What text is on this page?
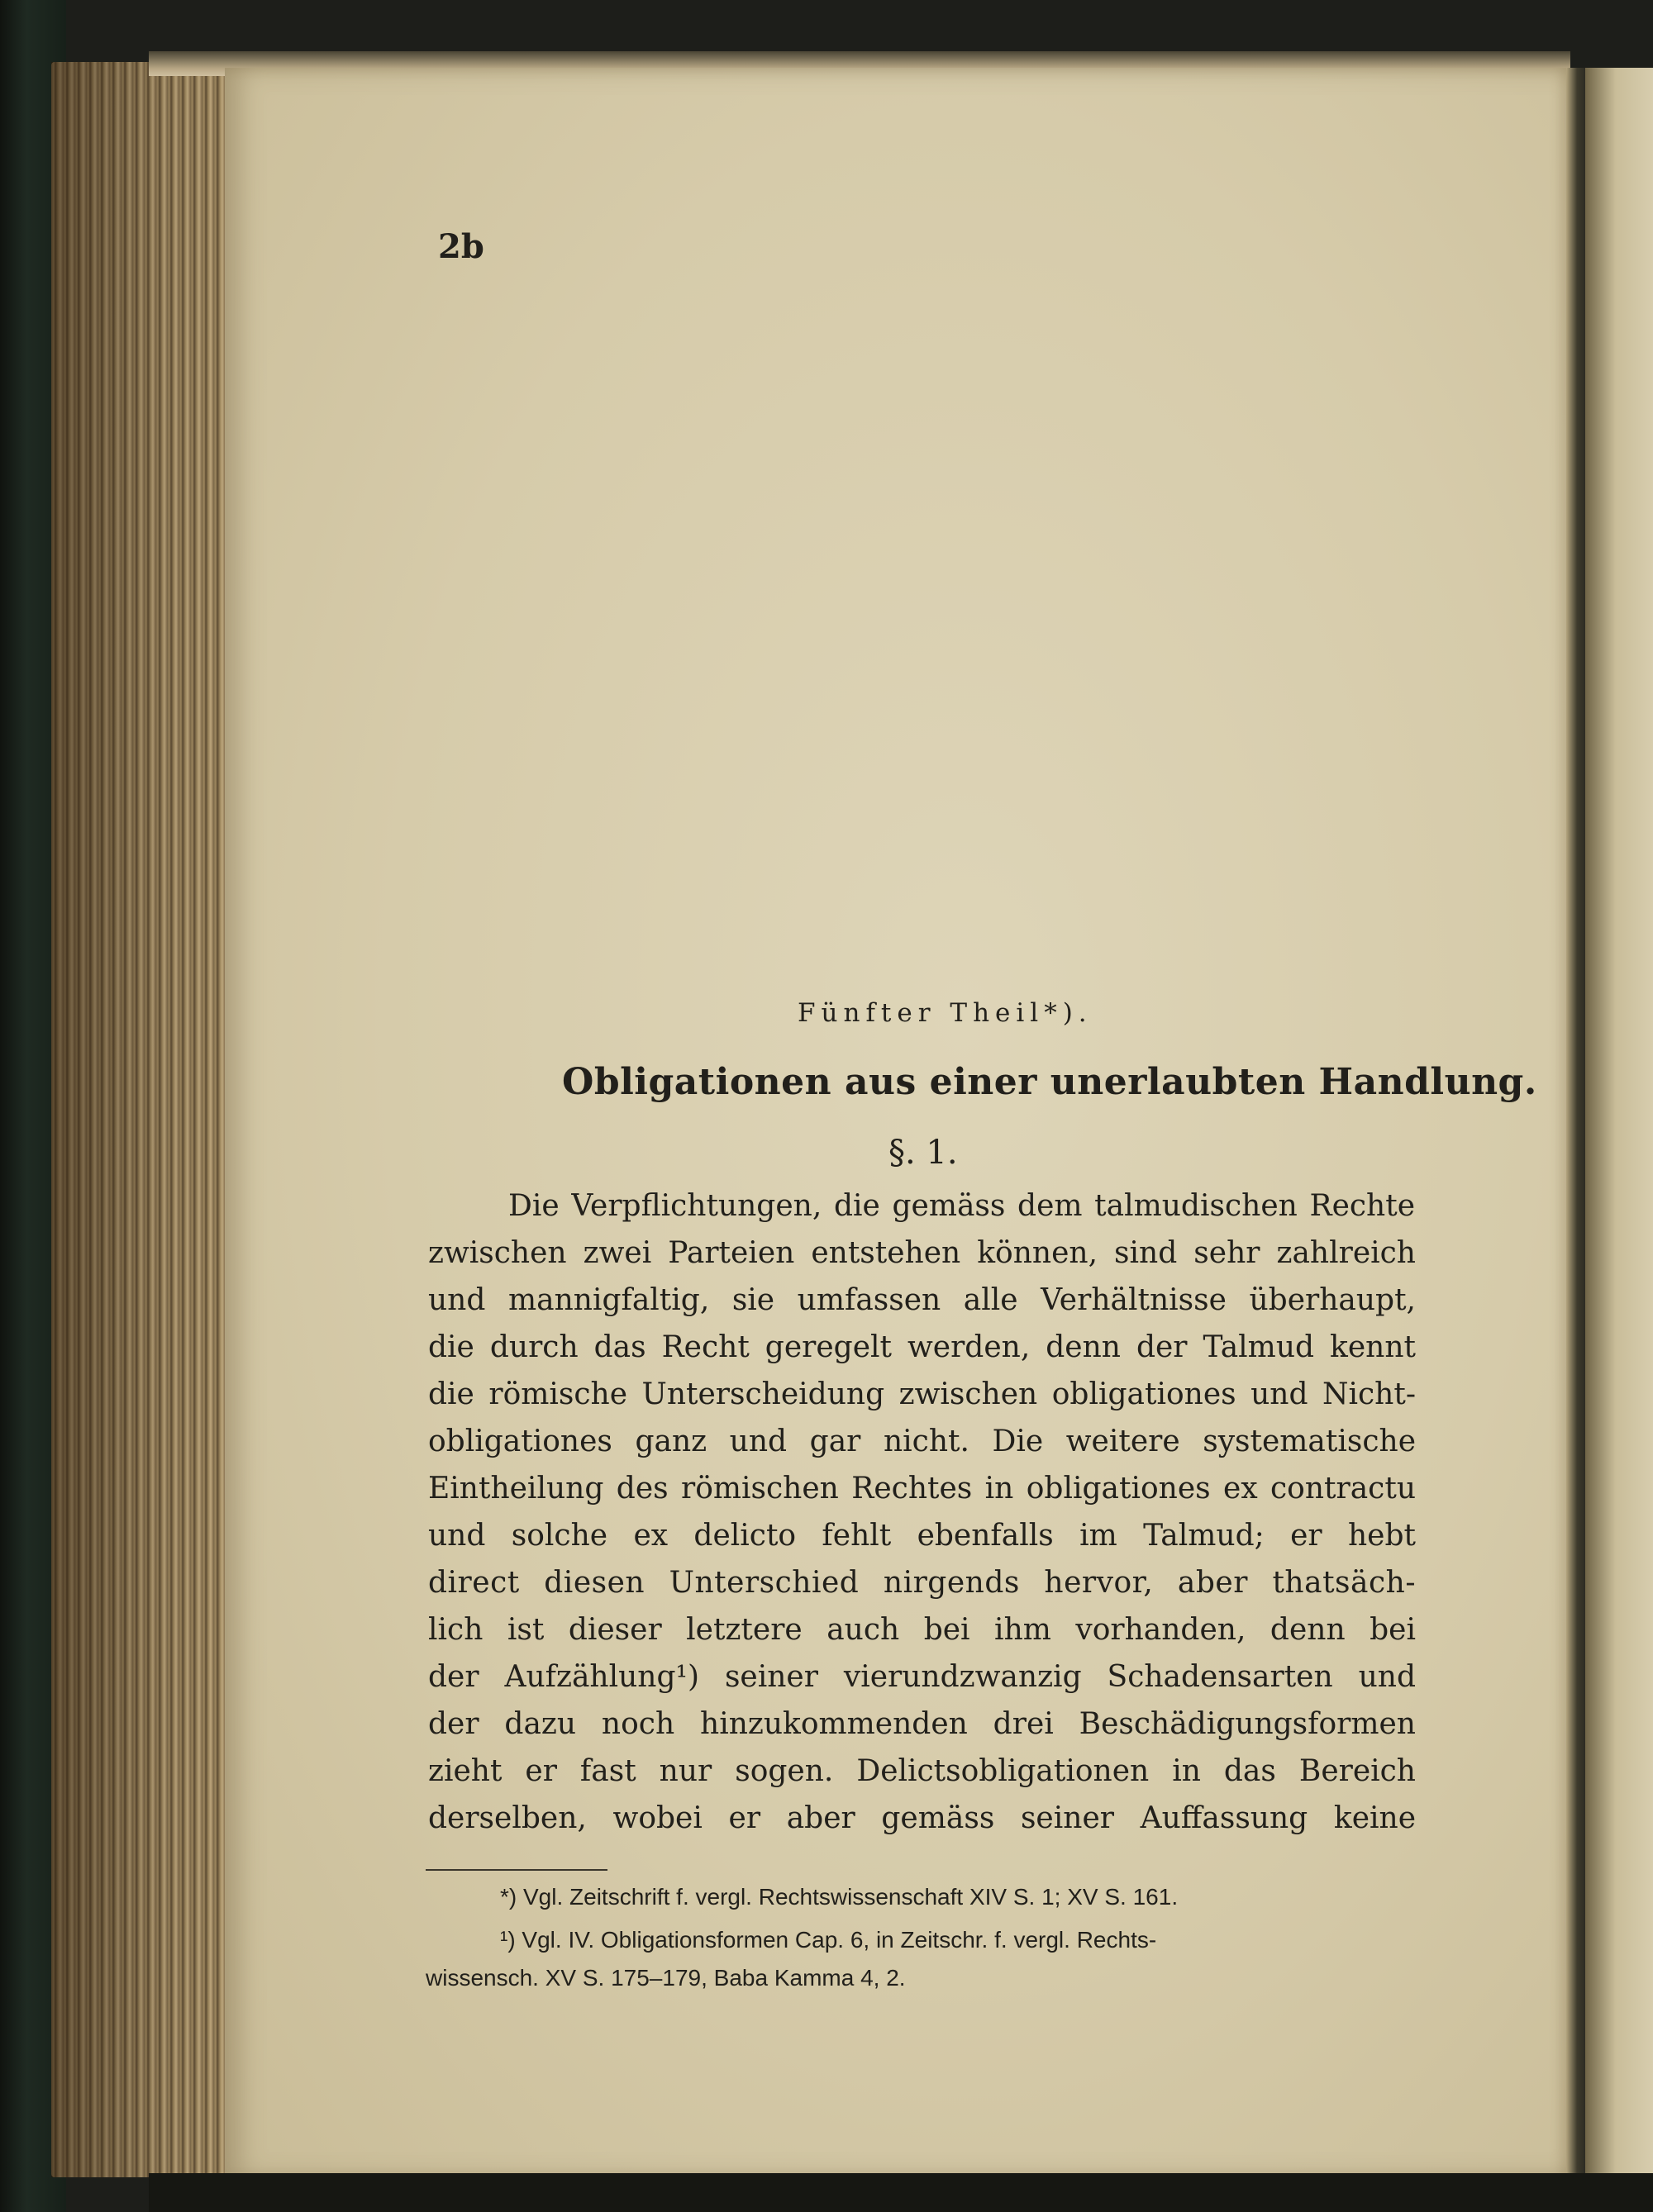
2b
Fünfter Theil*).
Obligationen aus einer unerlaubten Handlung.
§. 1.
Die Verpflichtungen, die gemäss dem talmudischen Rechte
zwischen zwei Parteien entstehen können, sind sehr zahlreich
und mannigfaltig, sie umfassen alle Verhältnisse überhaupt,
die durch das Recht geregelt werden, denn der Talmud kennt
die römische Unterscheidung zwischen obligationes und Nicht-
obligationes ganz und gar nicht. Die weitere systematische
Eintheilung des römischen Rechtes in obligationes ex contractu
und solche ex delicto fehlt ebenfalls im Talmud; er hebt
direct diesen Unterschied nirgends hervor, aber thatsäch-
lich ist dieser letztere auch bei ihm vorhanden, denn bei
der Aufzählung¹) seiner vierundzwanzig Schadensarten und
der dazu noch hinzukommenden drei Beschädigungsformen
zieht er fast nur sogen. Delictsobligationen in das Bereich
derselben, wobei er aber gemäss seiner Auffassung keine
*) Vgl. Zeitschrift f. vergl. Rechtswissenschaft XIV S. 1; XV S. 161.
¹) Vgl. IV. Obligationsformen Cap. 6, in Zeitschr. f. vergl. Rechts-
wissensch. XV S. 175–179, Baba Kamma 4, 2.
